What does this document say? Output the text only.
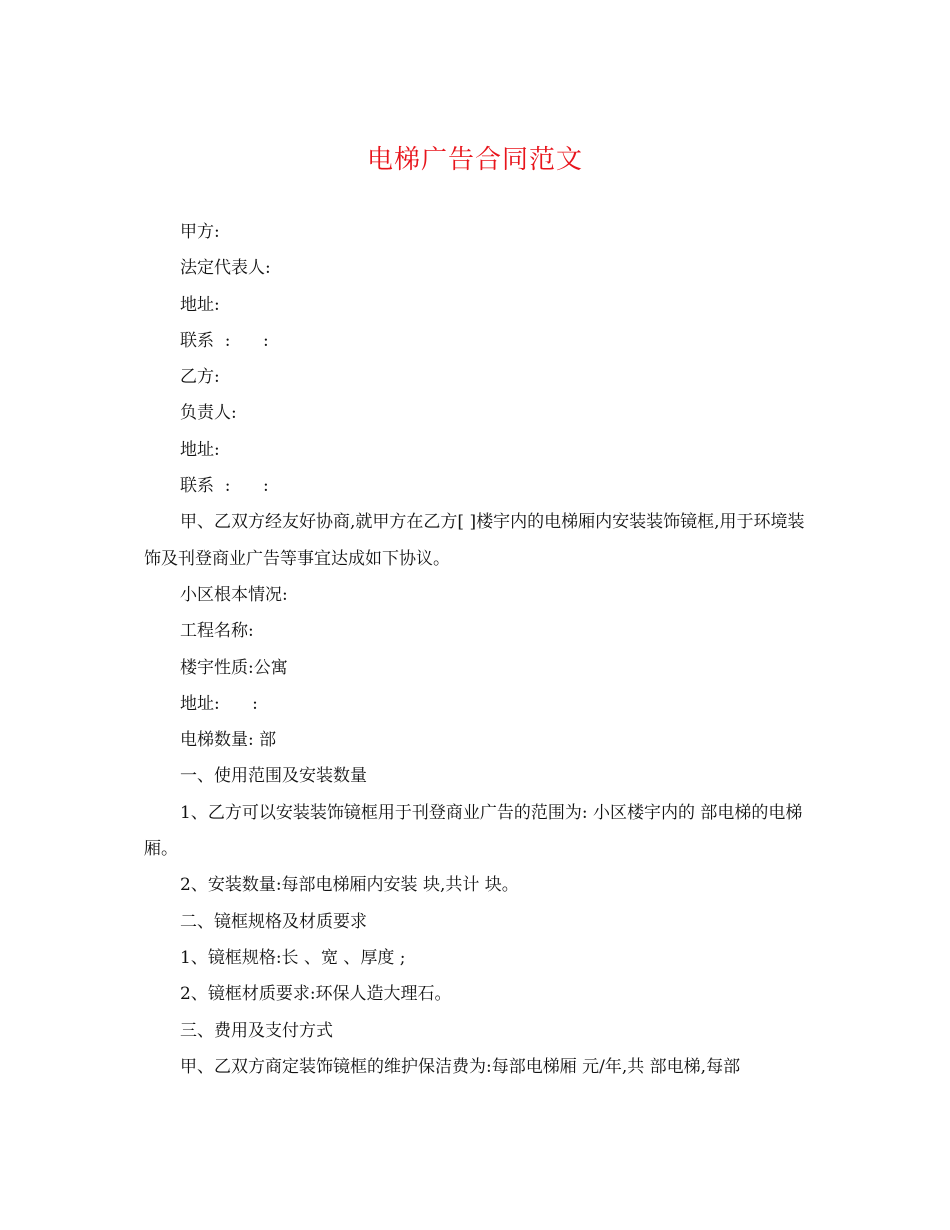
电梯广告合同范文

甲方:

法定代表人:

地址:

联系  :      :

乙方:

负责人:

地址:

联系  :      :

甲、乙双方经友好协商,就甲方在乙方[ ]楼宇内的电梯厢内安装装饰镜框,用于环境装饰及刊登商业广告等事宜达成如下协议。

小区根本情况:

工程名称:

楼宇性质:公寓

地址:      :

电梯数量: 部

一、使用范围及安装数量

1、乙方可以安装装饰镜框用于刊登商业广告的范围为: 小区楼宇内的 部电梯的电梯厢。

2、安装数量:每部电梯厢内安装 块,共计 块。

二、镜框规格及材质要求

1、镜框规格:长 、宽 、厚度 ;

2、镜框材质要求:环保人造大理石。

三、费用及支付方式

甲、乙双方商定装饰镜框的维护保洁费为:每部电梯厢 元/年,共 部电梯,每部
